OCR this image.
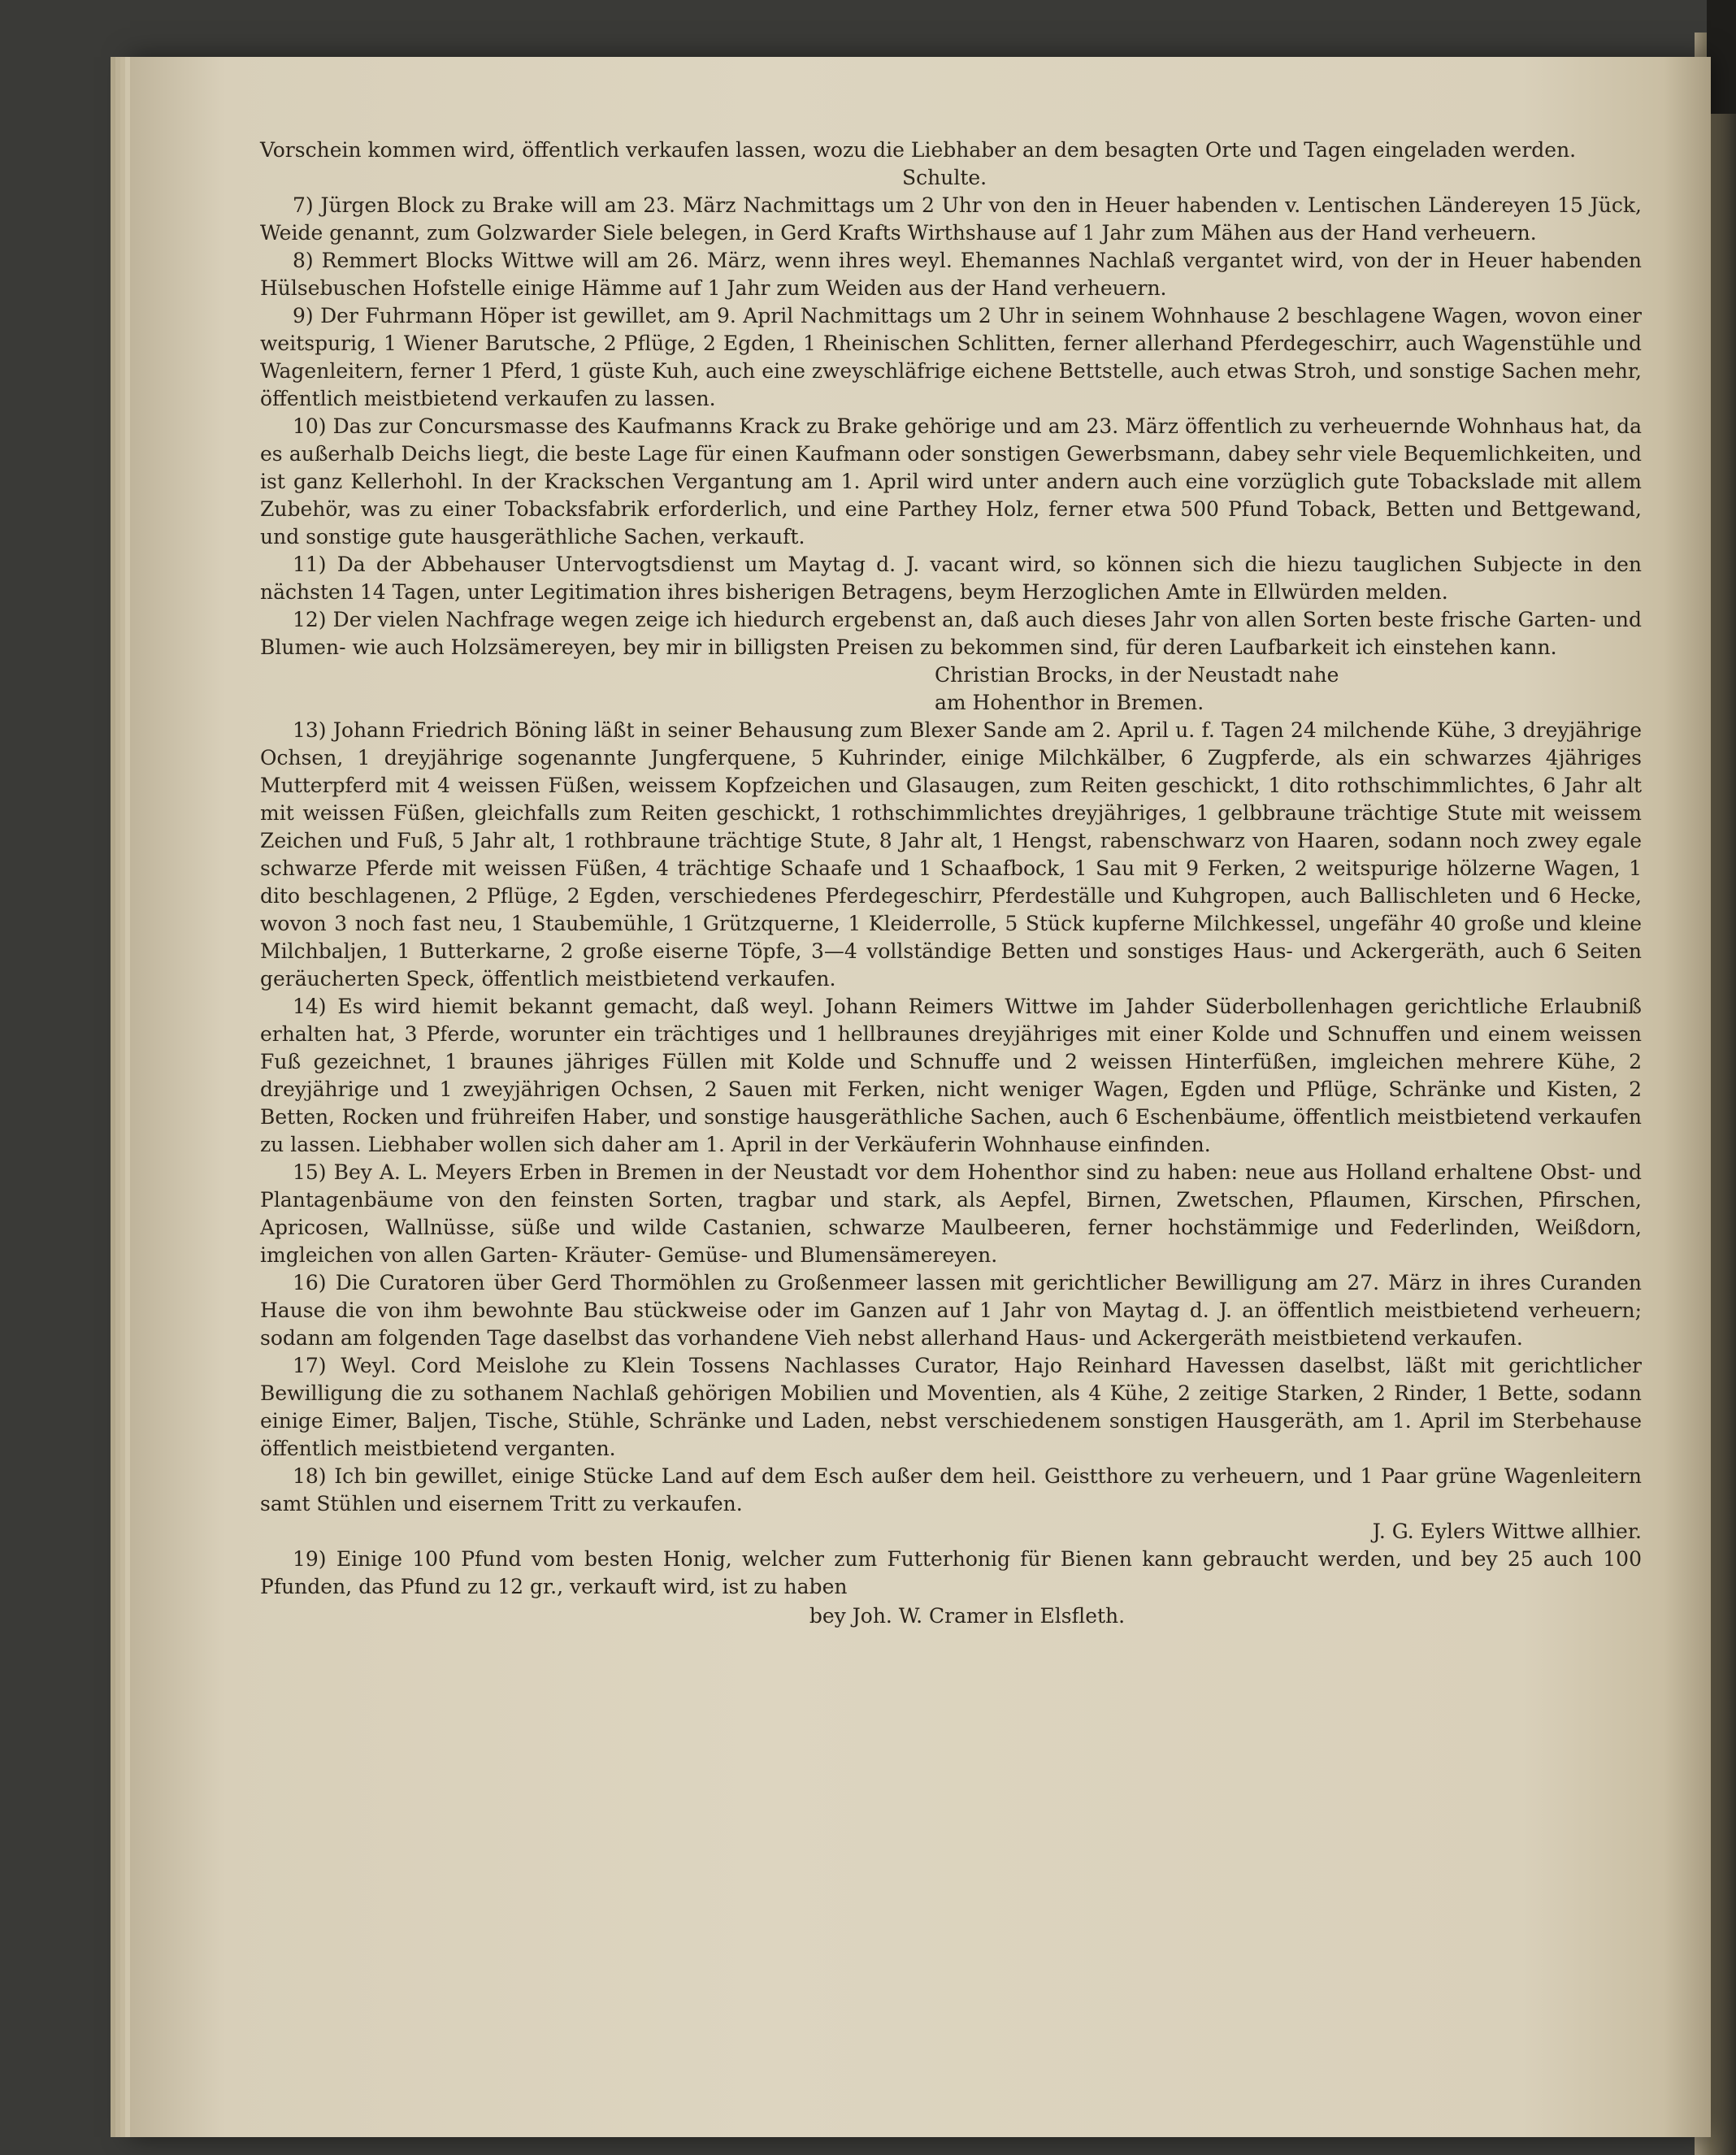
Vorschein kommen wird, öffentlich verkaufen lassen, wozu die Liebhaber an dem besagten Orte und Tagen eingeladen werden.
Schulte.

7) Jürgen Block zu Brake will am 23. März Nachmittags um 2 Uhr von den in Heuer habenden v. Lentischen Ländereyen 15 Jück, Weide genannt, zum Golzwarder Siele belegen, in Gerd Krafts Wirthshause auf 1 Jahr zum Mähen aus der Hand verheuern.

8) Remmert Blocks Wittwe will am 26. März, wenn ihres weyl. Ehemannes Nachlaß vergantet wird, von der in Heuer habenden Hülsebuschen Hofstelle einige Hämme auf 1 Jahr zum Weiden aus der Hand verheuern.

9) Der Fuhrmann Höper ist gewillet, am 9. April Nachmittags um 2 Uhr in seinem Wohnhause 2 beschlagene Wagen, wovon einer weitspurig, 1 Wiener Barutsche, 2 Pflüge, 2 Egden, 1 Rheinischen Schlitten, ferner allerhand Pferdegeschirr, auch Wagenstühle und Wagenleitern, ferner 1 Pferd, 1 güste Kuh, auch eine zweyschläfrige eichene Bettstelle, auch etwas Stroh, und sonstige Sachen mehr, öffentlich meistbietend verkaufen zu lassen.

10) Das zur Concursmasse des Kaufmanns Krack zu Brake gehörige und am 23. März öffentlich zu verheuernde Wohnhaus hat, da es außerhalb Deichs liegt, die beste Lage für einen Kaufmann oder sonstigen Gewerbsmann, dabey sehr viele Bequemlichkeiten, und ist ganz Kellerhohl. In der Krackschen Vergantung am 1. April wird unter andern auch eine vorzüglich gute Tobackslade mit allem Zubehör, was zu einer Tobacksfabrik erforderlich, und eine Parthey Holz, ferner etwa 500 Pfund Toback, Betten und Bettgewand, und sonstige gute hausgeräthliche Sachen, verkauft.

11) Da der Abbehauser Untervogtsdienst um Maytag d. J. vacant wird, so können sich die hiezu tauglichen Subjecte in den nächsten 14 Tagen, unter Legitimation ihres bisherigen Betragens, beym Herzoglichen Amte in Ellwürden melden.

12) Der vielen Nachfrage wegen zeige ich hiedurch ergebenst an, daß auch dieses Jahr von allen Sorten beste frische Garten- und Blumen- wie auch Holzsämereyen, bey mir in billigsten Preisen zu bekommen sind, für deren Laufbarkeit ich einstehen kann.
Christian Brocks, in der Neustadt nahe
am Hohenthor in Bremen.

13) Johann Friedrich Böning läßt in seiner Behausung zum Blexer Sande am 2. April u. f. Tagen 24 milchende Kühe, 3 dreyjährige Ochsen, 1 dreyjährige sogenannte Jungferquene, 5 Kuhrinder, einige Milchkälber, 6 Zugpferde, als ein schwarzes 4jähriges Mutterpferd mit 4 weissen Füßen, weissem Kopfzeichen und Glasaugen, zum Reiten geschickt, 1 dito rothschimmlichtes, 6 Jahr alt mit weissen Füßen, gleichfalls zum Reiten geschickt, 1 rothschimmlichtes dreyjähriges, 1 gelbbraune trächtige Stute mit weissem Zeichen und Fuß, 5 Jahr alt, 1 rothbraune trächtige Stute, 8 Jahr alt, 1 Hengst, rabenschwarz von Haaren, sodann noch zwey egale schwarze Pferde mit weissen Füßen, 4 trächtige Schaafe und 1 Schaafbock, 1 Sau mit 9 Ferken, 2 weitspurige hölzerne Wagen, 1 dito beschlagenen, 2 Pflüge, 2 Egden, verschiedenes Pferdegeschirr, Pferdeställe und Kuhgropen, auch Ballischleten und 6 Hecke, wovon 3 noch fast neu, 1 Staubemühle, 1 Grützquerne, 1 Kleiderrolle, 5 Stück kupferne Milchkessel, ungefähr 40 große und kleine Milchbaljen, 1 Butterkarne, 2 große eiserne Töpfe, 3—4 vollständige Betten und sonstiges Haus- und Ackergeräth, auch 6 Seiten geräucherten Speck, öffentlich meistbietend verkaufen.

14) Es wird hiemit bekannt gemacht, daß weyl. Johann Reimers Wittwe im Jahder Süderbollenhagen gerichtliche Erlaubniß erhalten hat, 3 Pferde, worunter ein trächtiges und 1 hellbraunes dreyjähriges mit einer Kolde und Schnuffen und einem weissen Fuß gezeichnet, 1 braunes jähriges Füllen mit Kolde und Schnuffe und 2 weissen Hinterfüßen, imgleichen mehrere Kühe, 2 dreyjährige und 1 zweyjährigen Ochsen, 2 Sauen mit Ferken, nicht weniger Wagen, Egden und Pflüge, Schränke und Kisten, 2 Betten, Rocken und frühreifen Haber, und sonstige hausgeräthliche Sachen, auch 6 Eschenbäume, öffentlich meistbietend verkaufen zu lassen. Liebhaber wollen sich daher am 1. April in der Verkäuferin Wohnhause einfinden.

15) Bey A. L. Meyers Erben in Bremen in der Neustadt vor dem Hohenthor sind zu haben: neue aus Holland erhaltene Obst- und Plantagenbäume von den feinsten Sorten, tragbar und stark, als Aepfel, Birnen, Zwetschen, Pflaumen, Kirschen, Pfirschen, Apricosen, Wallnüsse, süße und wilde Castanien, schwarze Maulbeeren, ferner hochstämmige und Federlinden, Weißdorn, imgleichen von allen Garten- Kräuter- Gemüse- und Blumensämereyen.

16) Die Curatoren über Gerd Thormöhlen zu Großenmeer lassen mit gerichtlicher Bewilligung am 27. März in ihres Curanden Hause die von ihm bewohnte Bau stückweise oder im Ganzen auf 1 Jahr von Maytag d. J. an öffentlich meistbietend verheuern; sodann am folgenden Tage daselbst das vorhandene Vieh nebst allerhand Haus- und Ackergeräth meistbietend verkaufen.

17) Weyl. Cord Meislohe zu Klein Tossens Nachlasses Curator, Hajo Reinhard Havessen daselbst, läßt mit gerichtlicher Bewilligung die zu sothanem Nachlaß gehörigen Mobilien und Moventien, als 4 Kühe, 2 zeitige Starken, 2 Rinder, 1 Bette, sodann einige Eimer, Baljen, Tische, Stühle, Schränke und Laden, nebst verschiedenem sonstigen Hausgeräth, am 1. April im Sterbehause öffentlich meistbietend verganten.

18) Ich bin gewillet, einige Stücke Land auf dem Esch außer dem heil. Geistthore zu verheuern, und 1 Paar grüne Wagenleitern samt Stühlen und eisernem Tritt zu verkaufen.
J. G. Eylers Wittwe allhier.

19) Einige 100 Pfund vom besten Honig, welcher zum Futterhonig für Bienen kann gebraucht werden, und bey 25 auch 100 Pfunden, das Pfund zu 12 gr., verkauft wird, ist zu haben
bey Joh. W. Cramer in Elsfleth.
